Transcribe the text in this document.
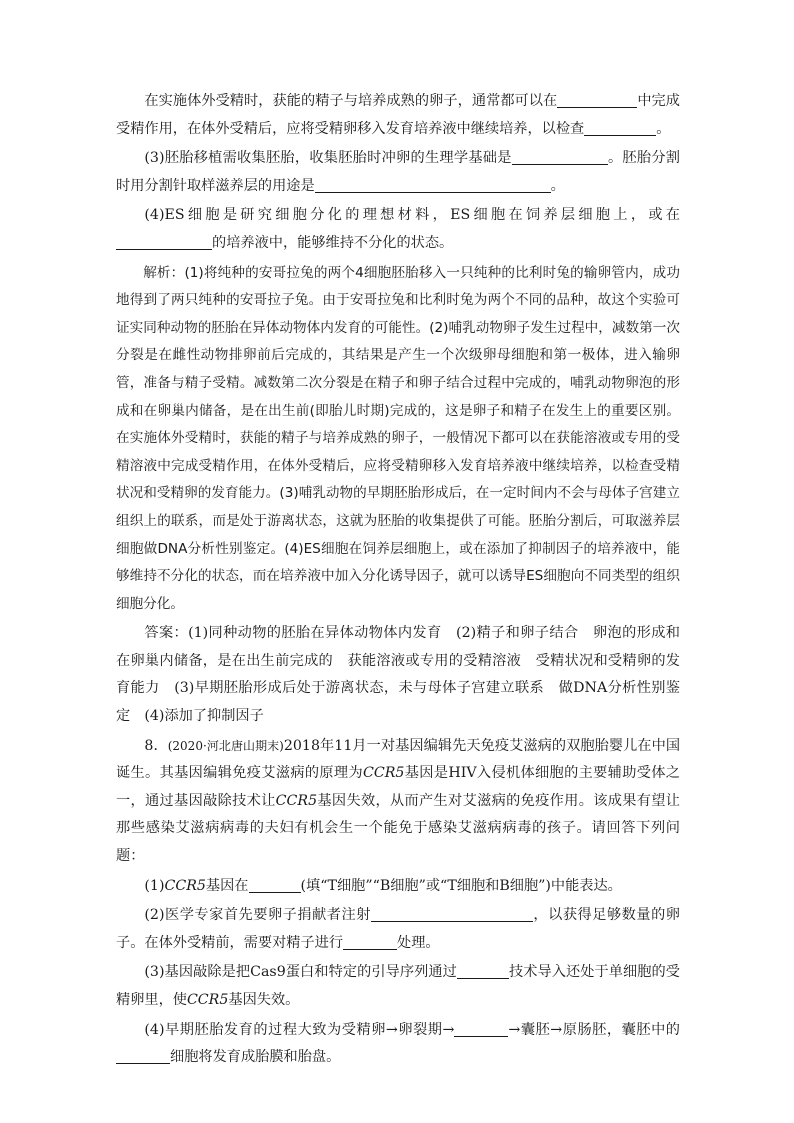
在实施体外受精时，获能的精子与培养成熟的卵子，通常都可以在	中完成受精作用，在体外受精后，应将受精卵移入发育培养液中继续培养，以检查	。

(3)胚胎移植需收集胚胎，收集胚胎时冲卵的生理学基础是	。胚胎分割时用分割针取样滋养层的用途是	。

(4)ES细胞是研究细胞分化的理想材料，ES细胞在饲养层细胞上，或在的培养液中，能够维持不分化的状态。

解析：(1)将纯种的安哥拉兔的两个4细胞胚胎移入一只纯种的比利时兔的输卵管内，成功地得到了两只纯种的安哥拉子兔。由于安哥拉兔和比利时兔为两个不同的品种，故这个实验可证实同种动物的胚胎在异体动物体内发育的可能性。(2)哺乳动物卵子发生过程中，减数第一次分裂是在雌性动物排卵前后完成的，其结果是产生一个次级卵母细胞和第一极体，进入输卵管，准备与精子受精。减数第二次分裂是在精子和卵子结合过程中完成的，哺乳动物卵泡的形成和在卵巢内储备，是在出生前(即胎儿时期)完成的，这是卵子和精子在发生上的重要区别。在实施体外受精时，获能的精子与培养成熟的卵子，一般情况下都可以在获能溶液或专用的受精溶液中完成受精作用，在体外受精后，应将受精卵移入发育培养液中继续培养，以检查受精状况和受精卵的发育能力。(3)哺乳动物的早期胚胎形成后，在一定时间内不会与母体子宫建立组织上的联系，而是处于游离状态，这就为胚胎的收集提供了可能。胚胎分割后，可取滋养层细胞做DNA分析性别鉴定。(4)ES细胞在饲养层细胞上，或在添加了抑制因子的培养液中，能够维持不分化的状态，而在培养液中加入分化诱导因子，就可以诱导ES细胞向不同类型的组织细胞分化。

答案：(1)同种动物的胚胎在异体动物体内发育　(2)精子和卵子结合　卵泡的形成和在卵巢内储备，是在出生前完成的　获能溶液或专用的受精溶液　受精状况和受精卵的发育能力　(3)早期胚胎形成后处于游离状态，未与母体子宫建立联系　做DNA分析性别鉴定　(4)添加了抑制因子

8．(2020·河北唐山期末)2018年11月一对基因编辑先天免疫艾滋病的双胞胎婴儿在中国诞生。其基因编辑免疫艾滋病的原理为CCR5基因是HIV入侵机体细胞的主要辅助受体之一，通过基因敲除技术让CCR5基因失效，从而产生对艾滋病的免疫作用。该成果有望让那些感染艾滋病病毒的夫妇有机会生一个能免于感染艾滋病病毒的孩子。请回答下列问题：

(1)CCR5基因在	(填“T细胞”“B细胞”或“T细胞和B细胞”)中能表达。

(2)医学专家首先要卵子捐献者注射	，以获得足够数量的卵子。在体外受精前，需要对精子进行	处理。

(3)基因敲除是把Cas9蛋白和特定的引导序列通过	技术导入还处于单细胞的受精卵里，使CCR5基因失效。

(4)早期胚胎发育的过程大致为受精卵→卵裂期→	→囊胚→原肠胚，囊胚中的细胞将发育成胎膜和胎盘。
